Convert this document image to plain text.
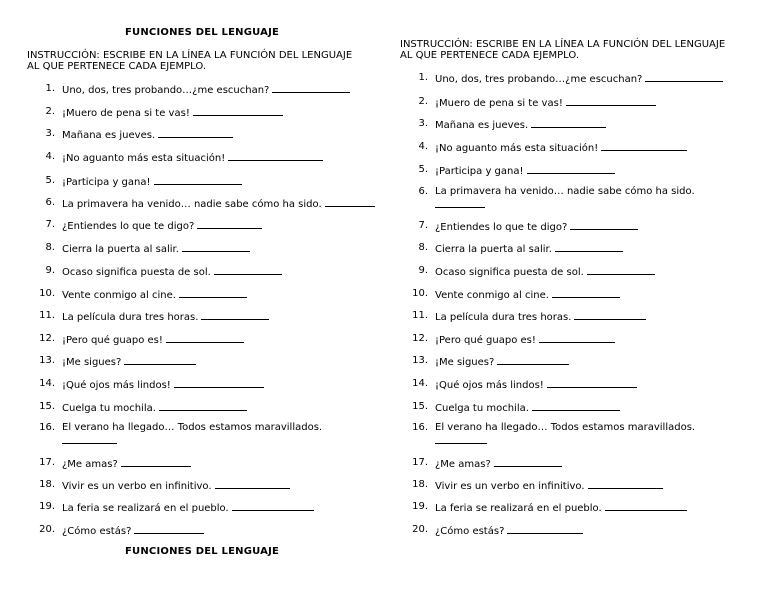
FUNCIONES DEL LENGUAJE
INSTRUCCIÓN: ESCRIBE EN LA LÍNEA LA FUNCIÓN DEL LENGUAJE AL QUE PERTENECE CADA EJEMPLO.
1. Uno, dos, tres probando…¿me escuchan?
2. ¡Muero de pena si te vas!
3. Mañana es jueves.
4. ¡No aguanto más esta situación!
5. ¡Participa y gana!
6. La primavera ha venido… nadie sabe cómo ha sido.
7. ¿Entiendes lo que te digo?
8. Cierra la puerta al salir.
9. Ocaso significa puesta de sol.
10. Vente conmigo al cine.
11. La película dura tres horas.
12. ¡Pero qué guapo es!
13. ¡Me sigues?
14. ¡Qué ojos más lindos!
15. Cuelga tu mochila.
16. El verano ha llegado… Todos estamos maravillados.

17. ¿Me amas?
18. Vivir es un verbo en infinitivo.
19. La feria se realizará en el pueblo.
20. ¿Cómo estás?
FUNCIONES DEL LENGUAJE
INSTRUCCIÓN: ESCRIBE EN LA LÍNEA LA FUNCIÓN DEL LENGUAJE AL QUE PERTENECE CADA EJEMPLO.
1. Uno, dos, tres probando…¿me escuchan?
2. ¡Muero de pena si te vas!
3. Mañana es jueves.
4. ¡No aguanto más esta situación!
5. ¡Participa y gana!
6. La primavera ha venido… nadie sabe cómo ha sido.

7. ¿Entiendes lo que te digo?
8. Cierra la puerta al salir.
9. Ocaso significa puesta de sol.
10. Vente conmigo al cine.
11. La película dura tres horas.
12. ¡Pero qué guapo es!
13. ¡Me sigues?
14. ¡Qué ojos más lindos!
15. Cuelga tu mochila.
16. El verano ha llegado… Todos estamos maravillados.

17. ¿Me amas?
18. Vivir es un verbo en infinitivo.
19. La feria se realizará en el pueblo.
20. ¿Cómo estás?
